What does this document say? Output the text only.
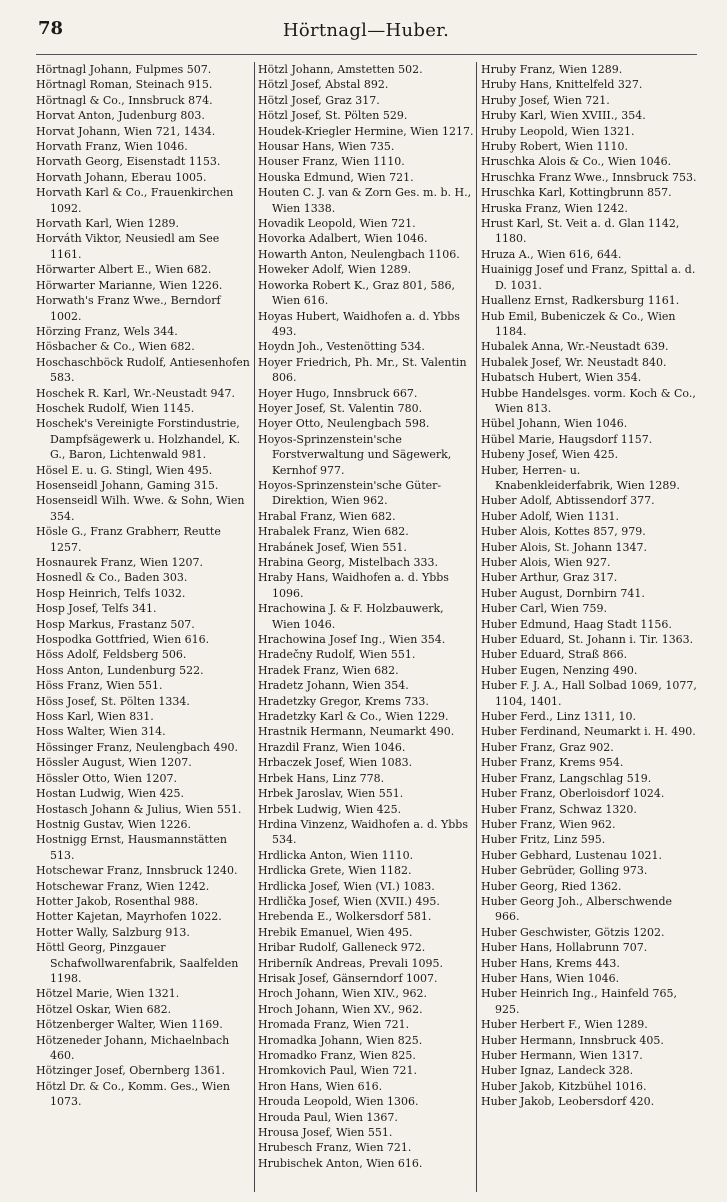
78	Hörtnagl—Huber.

Hörtnagl Johann, Fulpmes 507.

Hörtnagl Roman, Steinach 915.

Hörtnagl & Co., Innsbruck 874.

Horvat Anton, Judenburg 803.

Horvat Johann, Wien 721, 1434.

Horvath Franz, Wien 1046.

Horvath Georg, Eisenstadt 1153.

Horvath Johann, Eberau 1005.

Horvath Karl & Co., Frauenkirchen 1092.

Horvath Karl, Wien 1289.

Horváth Viktor, Neusiedl am See 1161.

Hörwarter Albert E., Wien 682.

Hörwarter Marianne, Wien 1226.

Horwath's Franz Wwe., Berndorf 1002.

Hörzing Franz, Wels 344.

Hösbacher & Co., Wien 682.

Hoschaschböck Rudolf, Antiesenhofen 583.

Hoschek R. Karl, Wr.-Neustadt 947.

Hoschek Rudolf, Wien 1145.

Hoschek's Vereinigte Forstindustrie, Dampfsägewerk u. Holzhandel, K. G., Baron, Lichtenwald 981.

Hösel E. u. G. Stingl, Wien 495.

Hosenseidl Johann, Gaming 315.

Hosenseidl Wilh. Wwe. & Sohn, Wien 354.

Hösle G., Franz Grabherr, Reutte 1257.

Hosnaurek Franz, Wien 1207.

Hosnedl & Co., Baden 303.

Hosp Heinrich, Telfs 1032.

Hosp Josef, Telfs 341.

Hosp Markus, Frastanz 507.

Hospodka Gottfried, Wien 616.

Höss Adolf, Feldsberg 506.

Hoss Anton, Lundenburg 522.

Höss Franz, Wien 551.

Höss Josef, St. Pölten 1334.

Hoss Karl, Wien 831.

Hoss Walter, Wien 314.

Hössinger Franz, Neulengbach 490.

Hössler August, Wien 1207.

Hössler Otto, Wien 1207.

Hostan Ludwig, Wien 425.

Hostasch Johann & Julius, Wien 551.

Hostnig Gustav, Wien 1226.

Hostnigg Ernst, Hausmannstätten 513.

Hotschewar Franz, Innsbruck 1240.

Hotschewar Franz, Wien 1242.

Hotter Jakob, Rosenthal 988.

Hotter Kajetan, Mayrhofen 1022.

Hotter Wally, Salzburg 913.

Höttl Georg, Pinzgauer Schafwollwarenfabrik, Saalfelden 1198.

Hötzel Marie, Wien 1321.

Hötzel Oskar, Wien 682.

Hötzenberger Walter, Wien 1169.

Hötzeneder Johann, Michaelnbach 460.

Hötzinger Josef, Obernberg 1361.

Hötzl Dr. & Co., Komm. Ges., Wien 1073.

Hötzl Johann, Amstetten 502.

Hötzl Josef, Abstal 892.

Hötzl Josef, Graz 317.

Hötzl Josef, St. Pölten 529.

Houdek-Kriegler Hermine, Wien 1217.

Housar Hans, Wien 735.

Houser Franz, Wien 1110.

Houska Edmund, Wien 721.

Houten C. J. van & Zorn Ges. m. b. H., Wien 1338.

Hovadik Leopold, Wien 721.

Hovorka Adalbert, Wien 1046.

Howarth Anton, Neulengbach 1106.

Howeker Adolf, Wien 1289.

Howorka Robert K., Graz 801, 586, Wien 616.

Hoyas Hubert, Waidhofen a. d. Ybbs 493.

Hoydn Joh., Vestenötting 534.

Hoyer Friedrich, Ph. Mr., St. Valentin 806.

Hoyer Hugo, Innsbruck 667.

Hoyer Josef, St. Valentin 780.

Hoyer Otto, Neulengbach 598.

Hoyos-Sprinzenstein'sche Forstverwaltung und Sägewerk, Kernhof 977.

Hoyos-Sprinzenstein'sche Güter-Direktion, Wien 962.

Hrabal Franz, Wien 682.

Hrabalek Franz, Wien 682.

Hrabánek Josef, Wien 551.

Hrabina Georg, Mistelbach 333.

Hraby Hans, Waidhofen a. d. Ybbs 1096.

Hrachowina J. & F. Holzbauwerk, Wien 1046.

Hrachowina Josef Ing., Wien 354.

Hradečny Rudolf, Wien 551.

Hradek Franz, Wien 682.

Hradetz Johann, Wien 354.

Hradetzky Gregor, Krems 733.

Hradetzky Karl & Co., Wien 1229.

Hrastnik Hermann, Neumarkt 490.

Hrazdil Franz, Wien 1046.

Hrbaczek Josef, Wien 1083.

Hrbek Hans, Linz 778.

Hrbek Jaroslav, Wien 551.

Hrbek Ludwig, Wien 425.

Hrdina Vinzenz, Waidhofen a. d. Ybbs 534.

Hrdlicka Anton, Wien 1110.

Hrdlicka Grete, Wien 1182.

Hrdlicka Josef, Wien (VI.) 1083.

Hrdlička Josef, Wien (XVII.) 495.

Hrebenda E., Wolkersdorf 581.

Hrebik Emanuel, Wien 495.

Hribar Rudolf, Galleneck 972.

Hriberník Andreas, Prevali 1095.

Hrisak Josef, Gänserndorf 1007.

Hroch Johann, Wien XIV., 962.

Hroch Johann, Wien XV., 962.

Hromada Franz, Wien 721.

Hromadka Johann, Wien 825.

Hromadko Franz, Wien 825.

Hromkovich Paul, Wien 721.

Hron Hans, Wien 616.

Hrouda Leopold, Wien 1306.

Hrouda Paul, Wien 1367.

Hrousa Josef, Wien 551.

Hrubesch Franz, Wien 721.

Hrubischek Anton, Wien 616.

Hruby Franz, Wien 1289.

Hruby Hans, Knittelfeld 327.

Hruby Josef, Wien 721.

Hruby Karl, Wien XVIII., 354.

Hruby Leopold, Wien 1321.

Hruby Robert, Wien 1110.

Hruschka Alois & Co., Wien 1046.

Hruschka Franz Wwe., Innsbruck 753.

Hruschka Karl, Kottingbrunn 857.

Hruska Franz, Wien 1242.

Hrust Karl, St. Veit a. d. Glan 1142, 1180.

Hruza A., Wien 616, 644.

Huainigg Josef und Franz, Spittal a. d. D. 1031.

Huallenz Ernst, Radkersburg 1161.

Hub Emil, Bubeniczek & Co., Wien 1184.

Hubalek Anna, Wr.-Neustadt 639.

Hubalek Josef, Wr. Neustadt 840.

Hubatsch Hubert, Wien 354.

Hubbe Handelsges. vorm. Koch & Co., Wien 813.

Hübel Johann, Wien 1046.

Hübel Marie, Haugsdorf 1157.

Hubeny Josef, Wien 425.

Huber, Herren- u. Knabenkleiderfabrik, Wien 1289.

Huber Adolf, Abtissendorf 377.

Huber Adolf, Wien 1131.

Huber Alois, Kottes 857, 979.

Huber Alois, St. Johann 1347.

Huber Alois, Wien 927.

Huber Arthur, Graz 317.

Huber August, Dornbirn 741.

Huber Carl, Wien 759.

Huber Edmund, Haag Stadt 1156.

Huber Eduard, St. Johann i. Tir. 1363.

Huber Eduard, Straß 866.

Huber Eugen, Nenzing 490.

Huber F. J. A., Hall Solbad 1069, 1077, 1104, 1401.

Huber Ferd., Linz 1311, 10.

Huber Ferdinand, Neumarkt i. H. 490.

Huber Franz, Graz 902.

Huber Franz, Krems 954.

Huber Franz, Langschlag 519.

Huber Franz, Oberloisdorf 1024.

Huber Franz, Schwaz 1320.

Huber Franz, Wien 962.

Huber Fritz, Linz 595.

Huber Gebhard, Lustenau 1021.

Huber Gebrüder, Golling 973.

Huber Georg, Ried 1362.

Huber Georg Joh., Alberschwende 966.

Huber Geschwister, Götzis 1202.

Huber Hans, Hollabrunn 707.

Huber Hans, Krems 443.

Huber Hans, Wien 1046.

Huber Heinrich Ing., Hainfeld 765, 925.

Huber Herbert F., Wien 1289.

Huber Hermann, Innsbruck 405.

Huber Hermann, Wien 1317.

Huber Ignaz, Landeck 328.

Huber Jakob, Kitzbühel 1016.

Huber Jakob, Leobersdorf 420.
